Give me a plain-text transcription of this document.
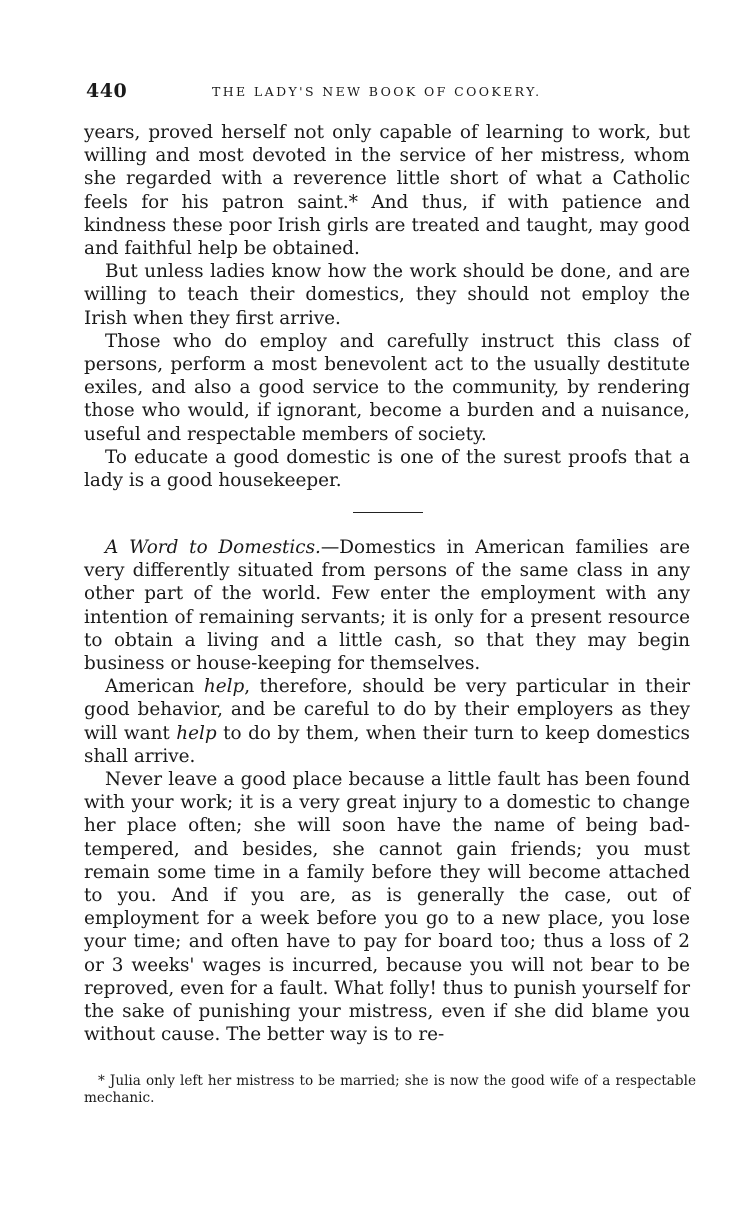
440	THE LADY'S NEW BOOK OF COOKERY.

years, proved herself not only capable of learning to work, but willing and most devoted in the service of her mistress, whom she regarded with a reverence little short of what a Catholic feels for his patron saint.* And thus, if with patience and kindness these poor Irish girls are treated and taught, may good and faithful help be obtained.

But unless ladies know how the work should be done, and are willing to teach their domestics, they should not employ the Irish when they first arrive.

Those who do employ and carefully instruct this class of persons, perform a most benevolent act to the usually destitute exiles, and also a good service to the community, by rendering those who would, if ignorant, become a burden and a nuisance, useful and respectable members of society.

To educate a good domestic is one of the surest proofs that a lady is a good housekeeper.

A Word to Domestics.—Domestics in American families are very differently situated from persons of the same class in any other part of the world. Few enter the employment with any intention of remaining servants; it is only for a present resource to obtain a living and a little cash, so that they may begin business or house-keeping for themselves.

American help, therefore, should be very particular in their good behavior, and be careful to do by their employers as they will want help to do by them, when their turn to keep domestics shall arrive.

Never leave a good place because a little fault has been found with your work; it is a very great injury to a domestic to change her place often; she will soon have the name of being bad-tempered, and besides, she cannot gain friends; you must remain some time in a family before they will become attached to you. And if you are, as is generally the case, out of employment for a week before you go to a new place, you lose your time; and often have to pay for board too; thus a loss of 2 or 3 weeks' wages is incurred, because you will not bear to be reproved, even for a fault. What folly! thus to punish yourself for the sake of punishing your mistress, even if she did blame you without cause. The better way is to re-

* Julia only left her mistress to be married; she is now the good wife of a respectable mechanic.
